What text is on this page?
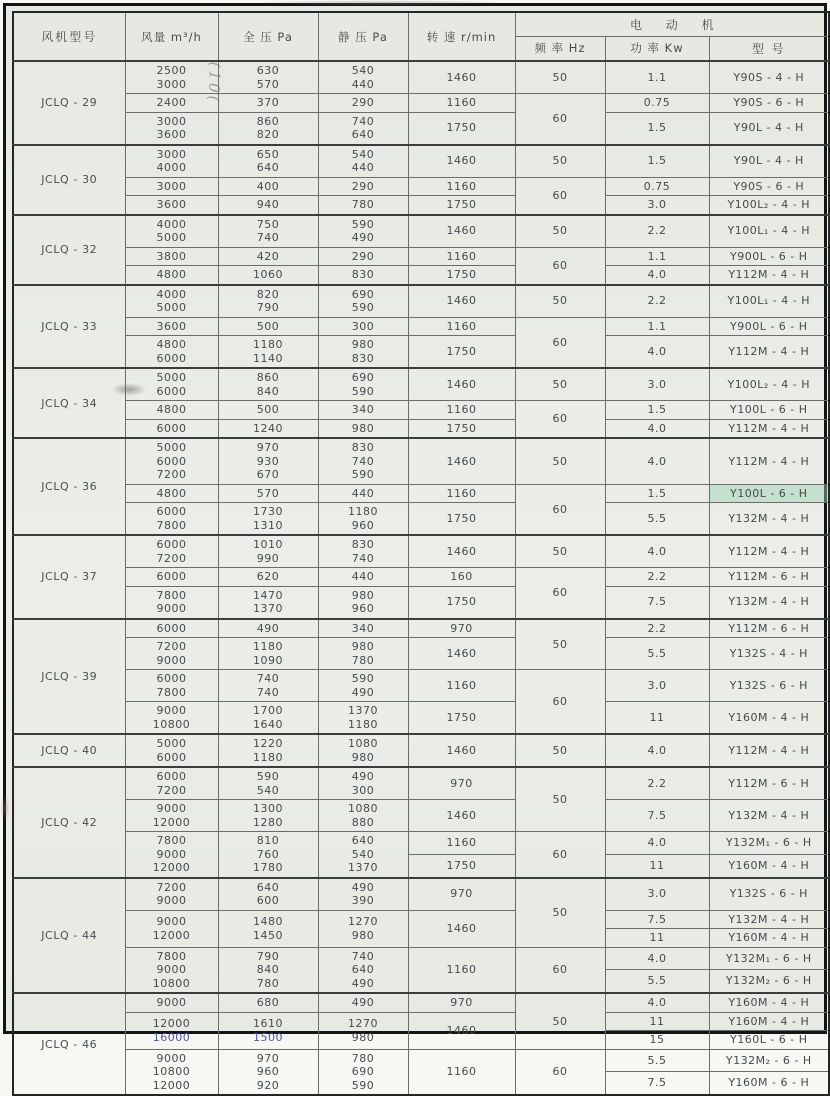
风机型号	风量 m³/h	全 压 Pa	静 压 Pa	转 速 r/min	电 动 机		
					频 率 Hz	功 率 Kw	型 号
JCLQ - 29	
2500
3000

630
570

540
440

1460	50	1.1	Y90S - 4 - H

	2400	370	290	1160	60	0.75	Y90S - 6 - H

3000
3600

860
820

740
640

1750	1.5	Y90L - 4 - H

JCLQ - 30	
3000
4000

650
640

540
440

1460	50	1.5	Y90L - 4 - H

	3000	400	290	1160	60	0.75	Y90S - 6 - H

	3600	940	780	1750		3.0	Y100L₂ - 4 - H

JCLQ - 32	
4000
5000

750
740

590
490

1460	50	2.2	Y100L₁ - 4 - H

	3800	420	290	1160	60	1.1	Y900L - 6 - H

	4800	1060	830	1750		4.0	Y112M - 4 - H

JCLQ - 33	
4000
5000

820
790

690
590

1460	50	2.2	Y100L₁ - 4 - H

	3600	500	300	1160	60	1.1	Y900L - 6 - H

4800
6000

1180
1140

980
830

1750	4.0	Y112M - 4 - H

JCLQ - 34	
5000
6000

860
840

690
590

1460	50	3.0	Y100L₂ - 4 - H

	4800	500	340	1160	60	1.5	Y100L - 6 - H

	6000	1240	980	1750		4.0	Y112M - 4 - H

JCLQ - 36	
5000
6000
7200

970
930
670

830
740
590

1460	50	4.0	Y112M - 4 - H

	4800	570	440	1160	60	1.5	Y100L - 6 - H

6000
7800

1730
1310

1180
960

1750	5.5	Y132M - 4 - H

JCLQ - 37	
6000
7200

1010
990

830
740

1460	50	4.0	Y112M - 4 - H

	6000	620	440	160	60	2.2	Y112M - 6 - H

7800
9000

1470
1370

980
960

1750	7.5	Y132M - 4 - H

JCLQ - 39	6000	490	340	970	50	2.2	Y112M - 6 - H

7200
9000

1180
1090

980
780

1460	5.5	Y132S - 4 - H

6000
7800

740
740

590
490

1160

60

3.0	Y132S - 6 - H

9000
10800

1700
1640

1370
1180

1750	11	Y160M - 4 - H

JCLQ - 40	
5000
6000

1220
1180

1080
980

1460	50	4.0	Y112M - 4 - H

JCLQ - 42	
6000
7200

590
540

490
300

970

50

2.2	Y112M - 6 - H

9000
12000

1300
1280

1080
880

1460	7.5	Y132M - 4 - H

7800
9000
12000

810
760
1780

640
540
1370

1160

60

4.0	Y132M₁ - 6 - H

				1750		11	Y160M - 4 - H

JCLQ - 44	
7200
9000

640
600

490
390

970

50

3.0	Y132S - 6 - H

9000
12000

1480
1450

1270
980

1460

7.5	Y132M - 4 - H

						11	Y160M - 4 - H

7800
9000
10800

790
840
780

740
640
490

1160	60

4.0	Y132M₁ - 6 - H

						5.5	Y132M₂ - 6 - H

JCLQ - 46	9000	680	490	970	50	4.0	Y160M - 4 - H

12000
16000

1610
1500

1270
980

1460

11	Y160M - 4 - H

						15	Y160L - 6 - H

9000
10800
12000

970
960
920

780
690
590

1160	60

5.5	Y132M₂ - 6 - H

						7.5	Y160M - 6 - H
(10(
